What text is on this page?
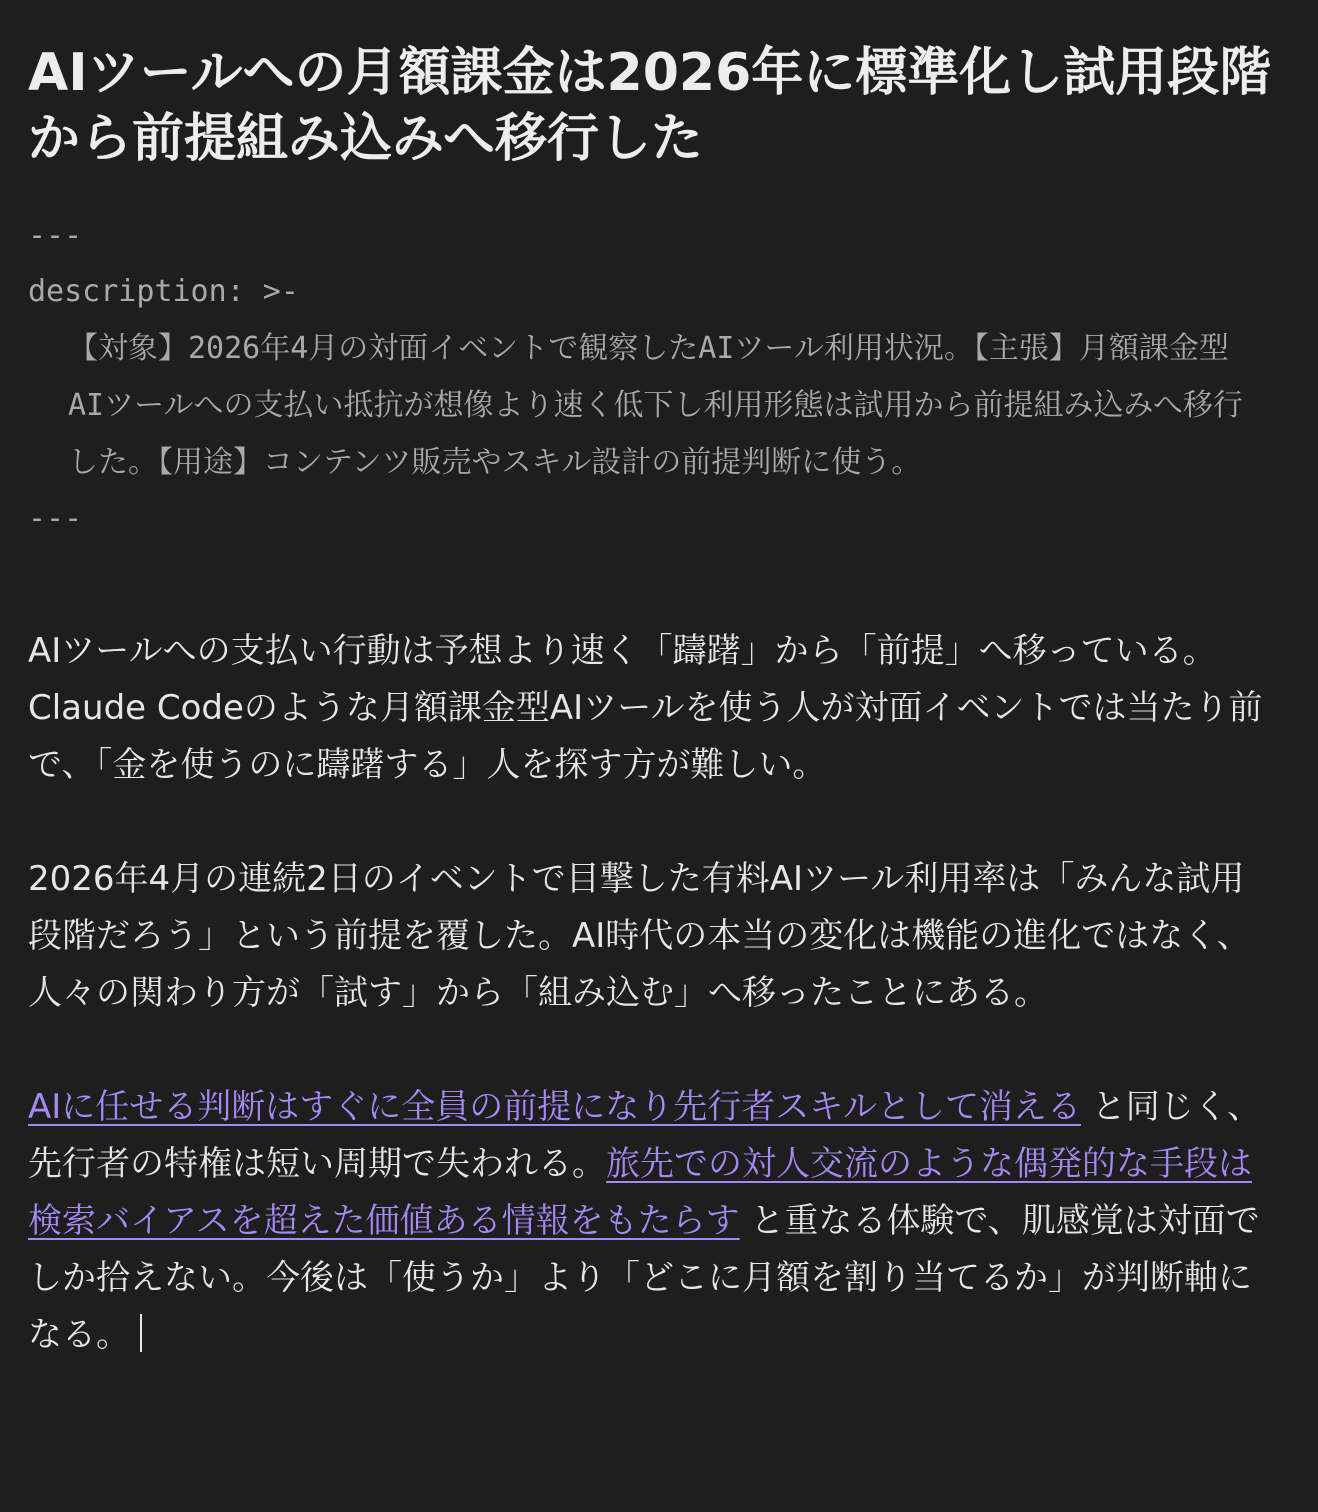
AIツールへの月額課金は2026年に標準化し試用段階から前提組み込みへ移行した
---
description: >-
【対象】2026年4月の対面イベントで観察したAIツール利用状況。【主張】月額課金型AIツールへの支払い抵抗が想像より速く低下し利用形態は試用から前提組み込みへ移行した。【用途】コンテンツ販売やスキル設計の前提判断に使う。
---

AIツールへの支払い行動は予想より速く「躊躇」から「前提」へ移っている。Claude Codeのような月額課金型AIツールを使う人が対面イベントでは当たり前で、「金を使うのに躊躇する」人を探す方が難しい。

2026年4月の連続2日のイベントで目撃した有料AIツール利用率は「みんな試用段階だろう」という前提を覆した。AI時代の本当の変化は機能の進化ではなく、人々の関わり方が「試す」から「組み込む」へ移ったことにある。

AIに任せる判断はすぐに全員の前提になり先行者スキルとして消える と同じく、先行者の特権は短い周期で失われる。旅先での対人交流のような偶発的な手段は検索バイアスを超えた価値ある情報をもたらす と重なる体験で、肌感覚は対面でしか拾えない。今後は「使うか」より「どこに月額を割り当てるか」が判断軸になる。
